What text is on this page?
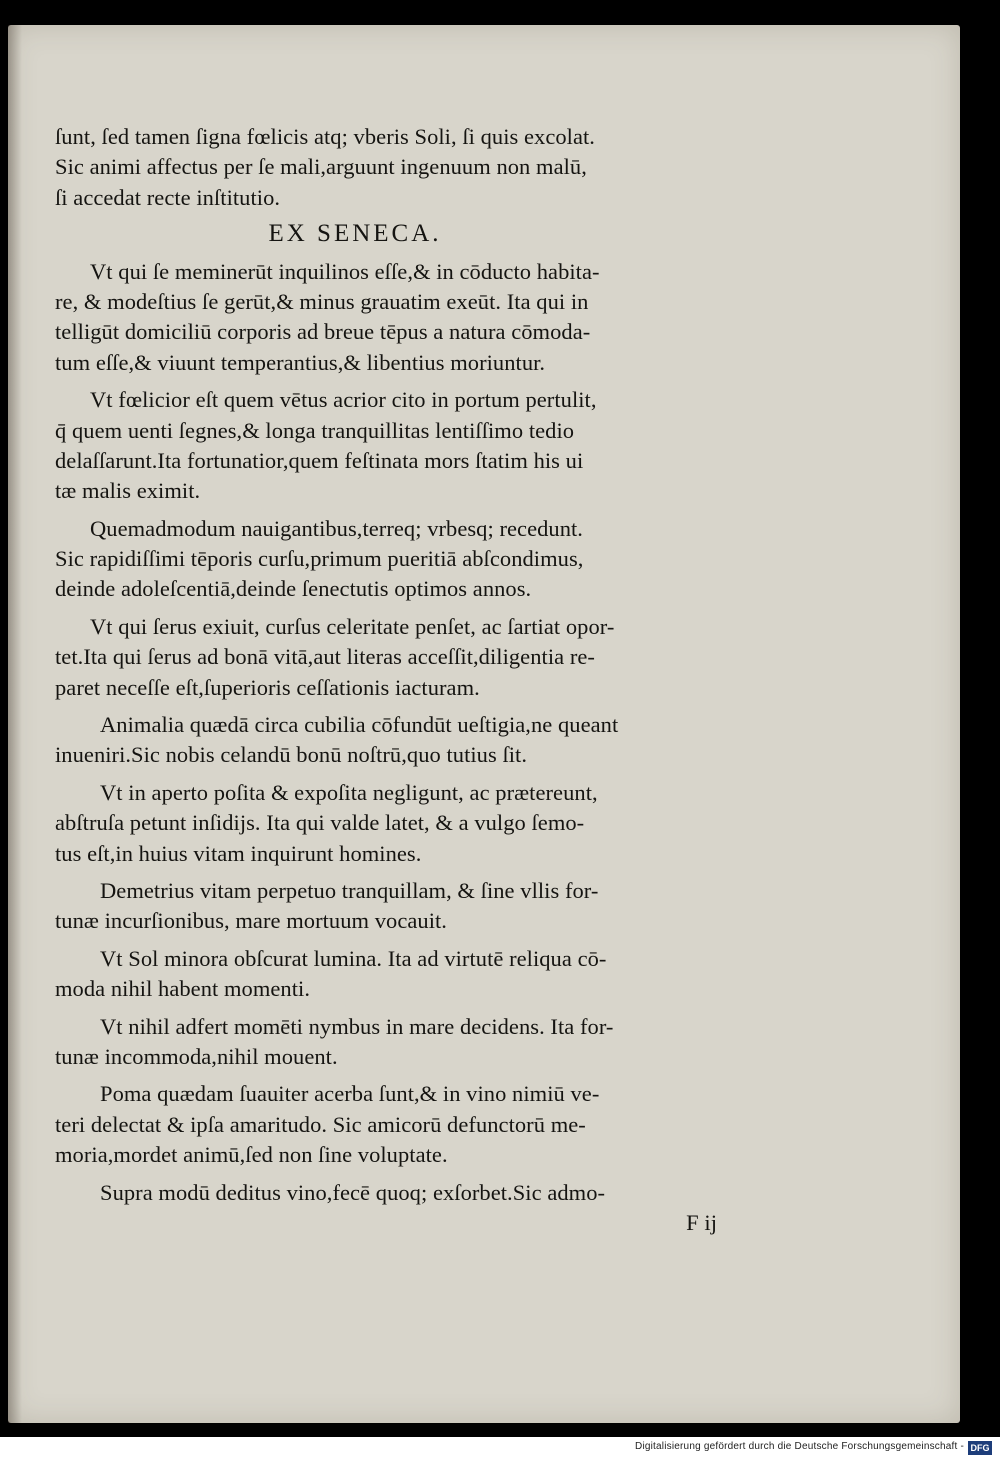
ſunt, ſed tamen ſigna fœlicis atq; vberis Soli, ſi quis excolat.
Sic animi affectus per ſe mali,arguunt ingenuum non malū,
ſi accedat recte inſtitutio.
EX SENECA.
Vt qui ſe meminerūt inquilinos eſſe,& in cōducto habita-
re, & modeſtius ſe gerūt,& minus grauatim exeūt. Ita qui in
telligūt domiciliū corporis ad breue tēpus a natura cōmoda-
tum eſſe,& viuunt temperantius,& libentius moriuntur.
Vt fœlicior eſt quem vētus acrior cito in portum pertulit,
q̄ quem uenti ſegnes,& longa tranquillitas lentiſſimo tedio
delaſſarunt.Ita fortunatior,quem feſtinata mors ſtatim his ui
tæ malis eximit.
Quemadmodum nauigantibus,terreq; vrbesq; recedunt.
Sic rapidiſſimi tēporis curſu,primum pueritiā abſcondimus,
deinde adoleſcentiā,deinde ſenectutis optimos annos.
Vt qui ſerus exiuit, curſus celeritate penſet, ac ſartiat opor-
tet.Ita qui ſerus ad bonā vitā,aut literas acceſſit,diligentia re-
paret neceſſe eſt,ſuperioris ceſſationis iacturam.
Animalia quædā circa cubilia cōfundūt ueſtigia,ne queant
inueniri.Sic nobis celandū bonū noſtrū,quo tutius ſit.
Vt in aperto poſita & expoſita negligunt, ac prætereunt,
abſtruſa petunt inſidijs. Ita qui valde latet, & a vulgo ſemo-
tus eſt,in huius vitam inquirunt homines.
Demetrius vitam perpetuo tranquillam, & ſine vllis for-
tunæ incurſionibus, mare mortuum vocauit.
Vt Sol minora obſcurat lumina. Ita ad virtutē reliqua cō-
moda nihil habent momenti.
Vt nihil adfert momēti nymbus in mare decidens. Ita for-
tunæ incommoda,nihil mouent.
Poma quædam ſuauiter acerba ſunt,& in vino nimiū ve-
teri delectat & ipſa amaritudo. Sic amicorū defunctorū me-
moria,mordet animū,ſed non ſine voluptate.
Supra modū deditus vino,fecē quoq; exſorbet.Sic admo-
F ij
Digitalisierung gefördert durch die Deutsche Forschungsgemeinschaft - DFG
